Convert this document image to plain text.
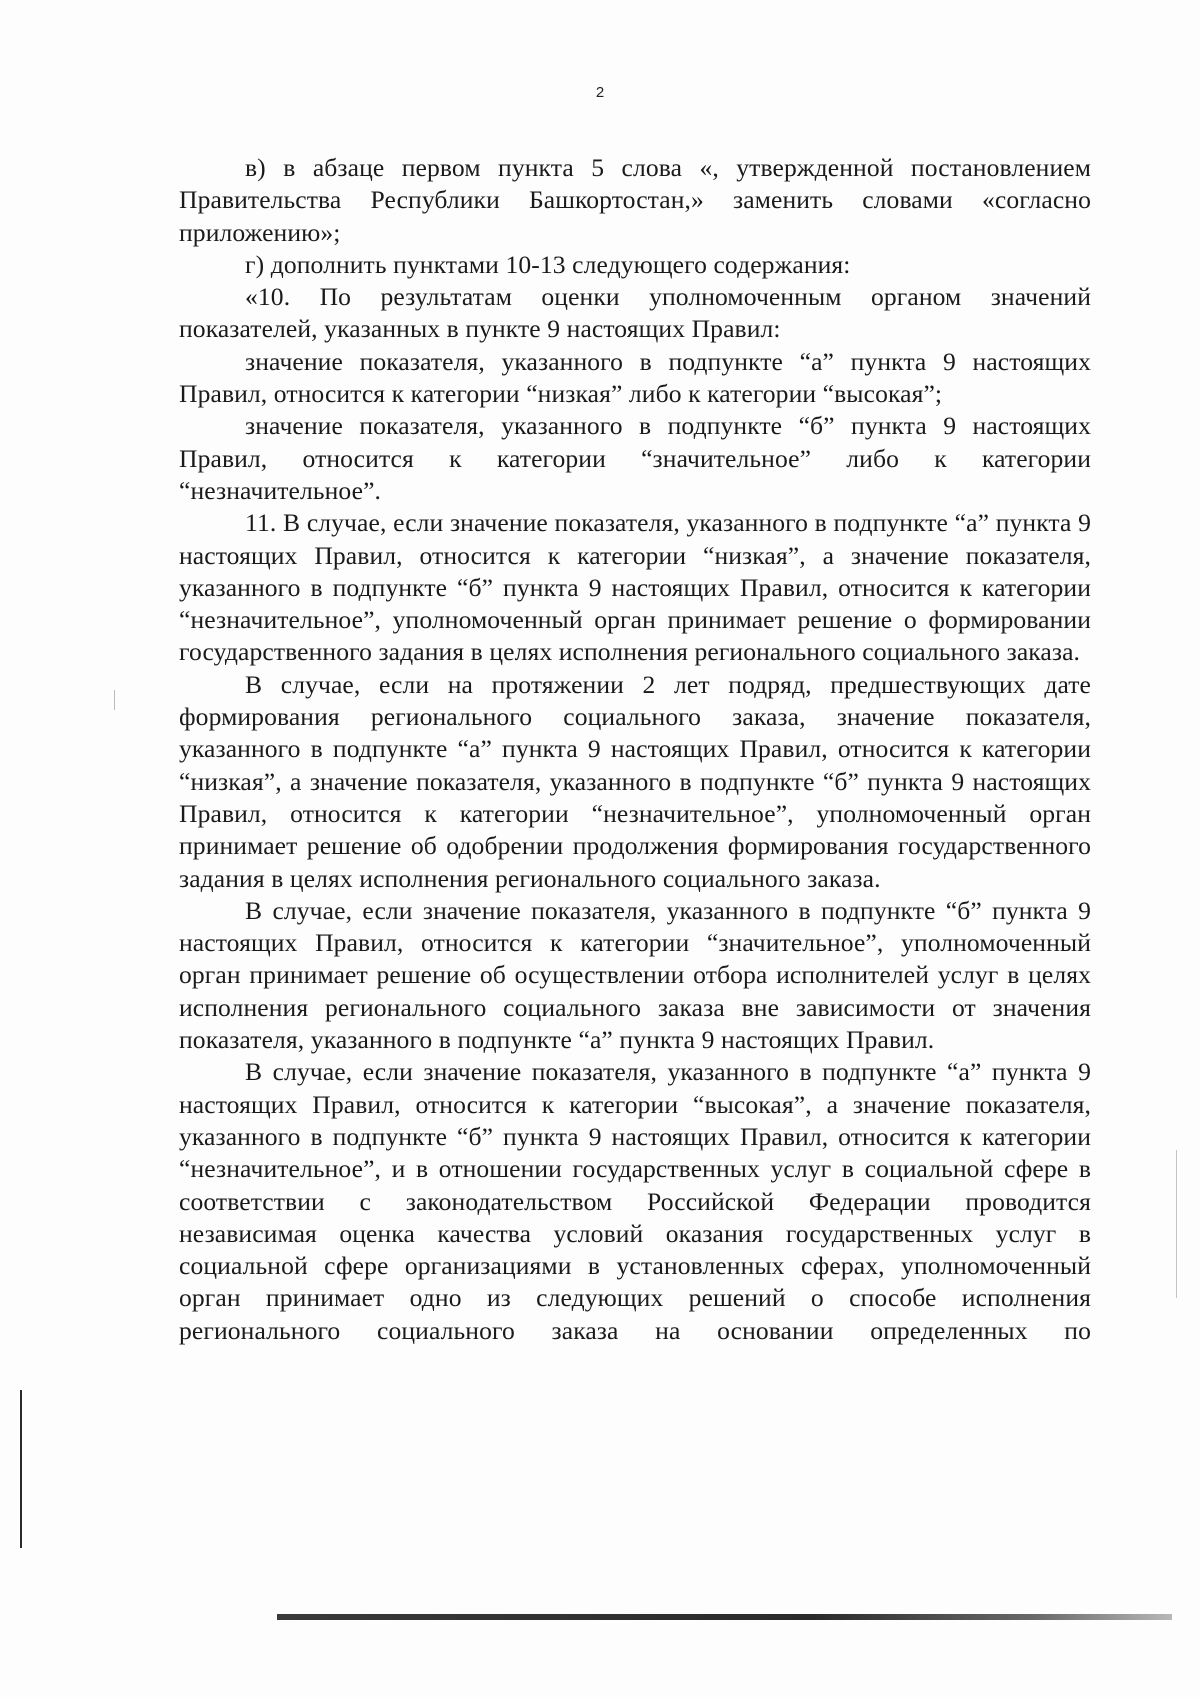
2

в) в абзаце первом пункта 5 слова «, утвержденной постановлением Правительства Республики Башкортостан,» заменить словами «согласно приложению»;

г) дополнить пунктами 10-13 следующего содержания:

«10. По результатам оценки уполномоченным органом значений показателей, указанных в пункте 9 настоящих Правил:

значение показателя, указанного в подпункте “а” пункта 9 настоящих Правил, относится к категории “низкая” либо к категории “высокая”;

значение показателя, указанного в подпункте “б” пункта 9 настоящих Правил, относится к категории “значительное” либо к категории “незначительное”.

11. В случае, если значение показателя, указанного в подпункте “а” пункта 9 настоящих Правил, относится к категории “низкая”, а значение показателя, указанного в подпункте “б” пункта 9 настоящих Правил, относится к категории “незначительное”, уполномоченный орган принимает решение о формировании государственного задания в целях исполнения регионального социального заказа.

В случае, если на протяжении 2 лет подряд, предшествующих дате формирования регионального социального заказа, значение показателя, указанного в подпункте “а” пункта 9 настоящих Правил, относится к категории “низкая”, а значение показателя, указанного в подпункте “б” пункта 9 настоящих Правил, относится к категории “незначительное”, уполномоченный орган принимает решение об одобрении продолжения формирования государственного задания в целях исполнения регионального социального заказа.

В случае, если значение показателя, указанного в подпункте “б” пункта 9 настоящих Правил, относится к категории “значительное”, уполномоченный орган принимает решение об осуществлении отбора исполнителей услуг в целях исполнения регионального социального заказа вне зависимости от значения показателя, указанного в подпункте “а” пункта 9 настоящих Правил.

В случае, если значение показателя, указанного в подпункте “а” пункта 9 настоящих Правил, относится к категории “высокая”, а значение показателя, указанного в подпункте “б” пункта 9 настоящих Правил, относится к категории “незначительное”, и в отношении государственных услуг в социальной сфере в соответствии с законодательством Российской Федерации проводится независимая оценка качества условий оказания государственных услуг в социальной сфере организациями в установленных сферах, уполномоченный орган принимает одно из следующих решений о способе исполнения регионального социального заказа на основании определенных по
